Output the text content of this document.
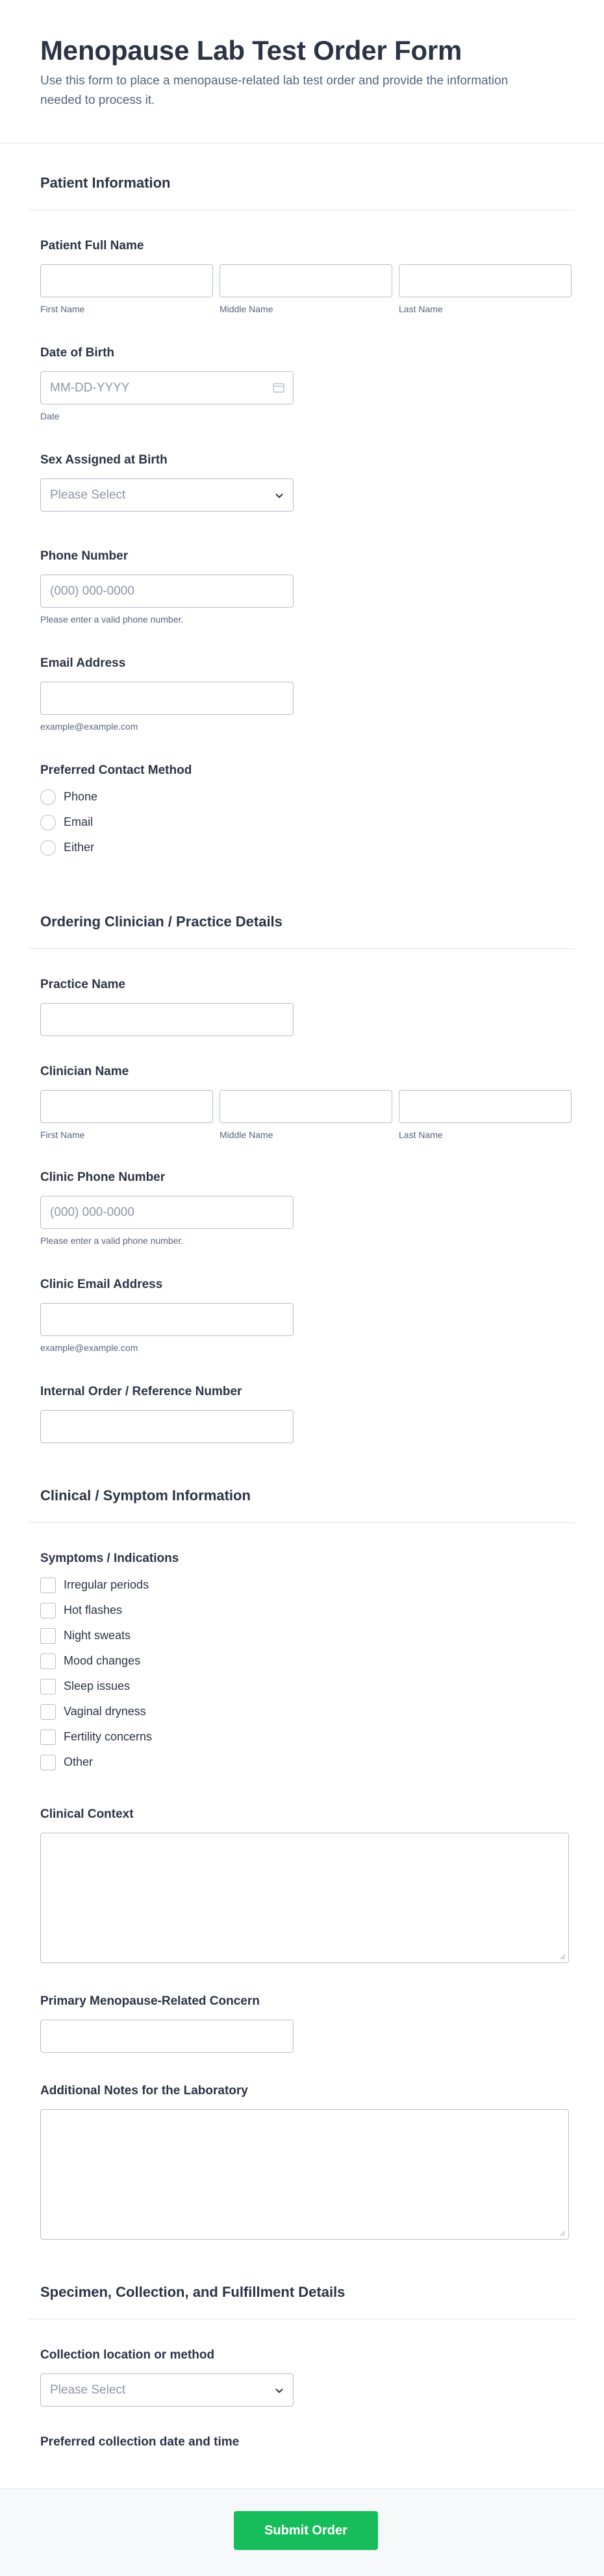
Menopause Lab Test Order Form

Use this form to place a menopause-related lab test order and provide the information needed to process it.

Patient Information
Patient Full Name
First Name	Middle Name	Last Name
Date of Birth
MM-DD-YYYY
Date
Sex Assigned at Birth
Please Select
Phone Number
(000) 000-0000
Please enter a valid phone number.
Email Address
example@example.com
Preferred Contact Method
Phone
Email
Either
Ordering Clinician / Practice Details
Practice Name
Clinician Name
First Name	Middle Name	Last Name
Clinic Phone Number
(000) 000-0000
Please enter a valid phone number.
Clinic Email Address
example@example.com
Internal Order / Reference Number
Clinical / Symptom Information
Symptoms / Indications
Irregular periods
Hot flashes
Night sweats
Mood changes
Sleep issues
Vaginal dryness
Fertility concerns
Other
Clinical Context
Primary Menopause-Related Concern
Additional Notes for the Laboratory
Specimen, Collection, and Fulfillment Details
Collection location or method
Please Select
Preferred collection date and time
Submit Order
